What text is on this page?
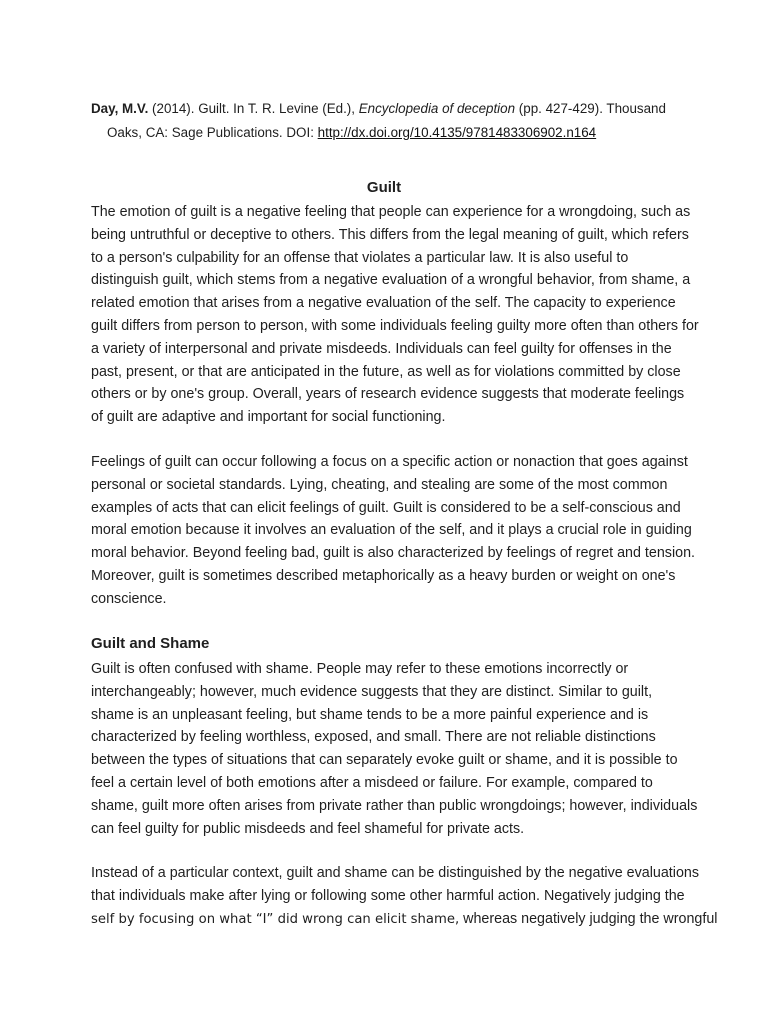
Day, M.V. (2014). Guilt. In T. R. Levine (Ed.), Encyclopedia of deception (pp. 427-429). Thousand
Oaks, CA: Sage Publications. DOI: http://dx.doi.org/10.4135/9781483306902.n164
Guilt
The emotion of guilt is a negative feeling that people can experience for a wrongdoing, such as
being untruthful or deceptive to others. This differs from the legal meaning of guilt, which refers
to a person's culpability for an offense that violates a particular law. It is also useful to
distinguish guilt, which stems from a negative evaluation of a wrongful behavior, from shame, a
related emotion that arises from a negative evaluation of the self. The capacity to experience
guilt differs from person to person, with some individuals feeling guilty more often than others for
a variety of interpersonal and private misdeeds. Individuals can feel guilty for offenses in the
past, present, or that are anticipated in the future, as well as for violations committed by close
others or by one's group. Overall, years of research evidence suggests that moderate feelings
of guilt are adaptive and important for social functioning.
Feelings of guilt can occur following a focus on a specific action or nonaction that goes against
personal or societal standards. Lying, cheating, and stealing are some of the most common
examples of acts that can elicit feelings of guilt. Guilt is considered to be a self-conscious and
moral emotion because it involves an evaluation of the self, and it plays a crucial role in guiding
moral behavior. Beyond feeling bad, guilt is also characterized by feelings of regret and tension.
Moreover, guilt is sometimes described metaphorically as a heavy burden or weight on one's
conscience.
Guilt and Shame
Guilt is often confused with shame. People may refer to these emotions incorrectly or
interchangeably; however, much evidence suggests that they are distinct. Similar to guilt,
shame is an unpleasant feeling, but shame tends to be a more painful experience and is
characterized by feeling worthless, exposed, and small. There are not reliable distinctions
between the types of situations that can separately evoke guilt or shame, and it is possible to
feel a certain level of both emotions after a misdeed or failure. For example, compared to
shame, guilt more often arises from private rather than public wrongdoings; however, individuals
can feel guilty for public misdeeds and feel shameful for private acts.
Instead of a particular context, guilt and shame can be distinguished by the negative evaluations
that individuals make after lying or following some other harmful action. Negatively judging the
self by focusing on what “I” did wrong can elicit shame, whereas negatively judging the wrongful
